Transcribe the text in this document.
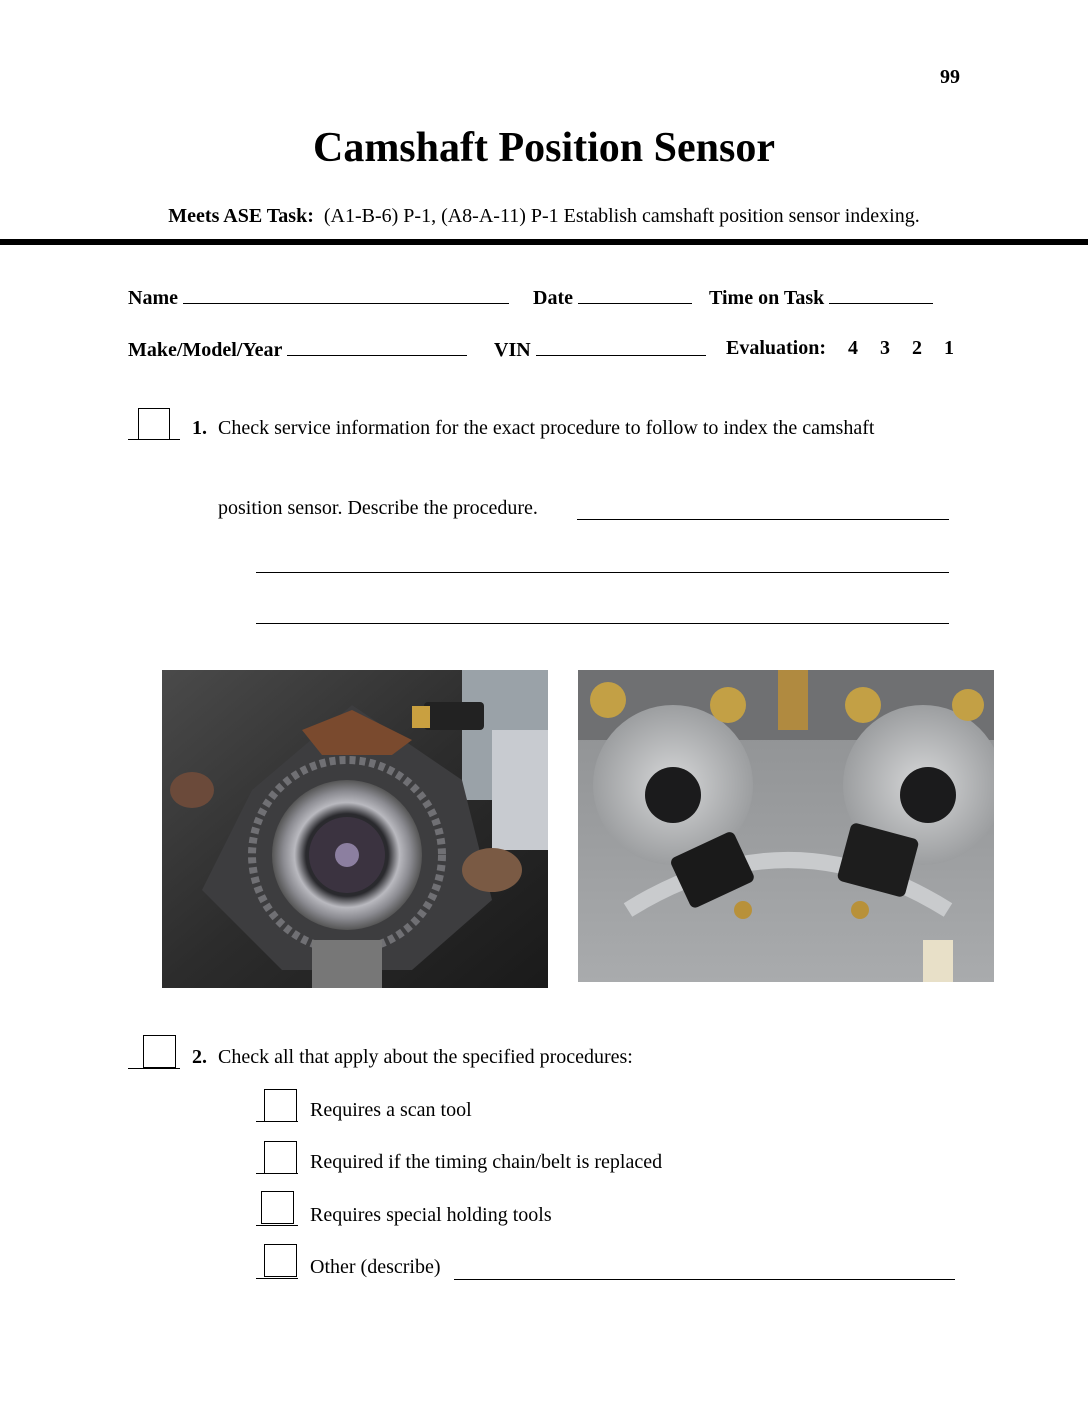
99
Camshaft Position Sensor
Meets ASE Task: (A1-B-6) P-1, (A8-A-11) P-1 Establish camshaft position sensor indexing.
Name	Date	Time on Task
Make/Model/Year	VIN	Evaluation: 4 3 2 1
1. Check service information for the exact procedure to follow to index the camshaft
position sensor. Describe the procedure.
2. Check all that apply about the specified procedures:
Requires a scan tool
Required if the timing chain/belt is replaced
Requires special holding tools
Other (describe)
